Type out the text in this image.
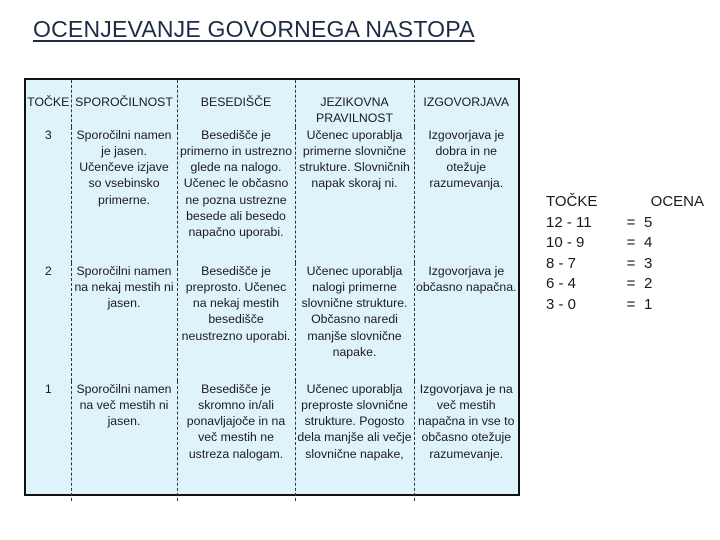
OCENJEVANJE GOVORNEGA NASTOPA
TOČKE	SPOROČILNOST	BESEDIŠČE	JEZIKOVNA PRAVILNOST	IZGOVORJAVA
3	Sporočilni namen je jasen. Učenčeve izjave so vsebinsko primerne.	Besedišče je primerno in ustrezno glede na nalogo. Učenec le občasno ne pozna ustrezne besede ali besedo napačno uporabi.	Učenec uporablja primerne slovnične strukture. Slovničnih napak skoraj ni.	Izgovorjava je dobra in ne otežuje razumevanja.
2	Sporočilni namen na nekaj mestih ni jasen.	Besedišče je preprosto. Učenec na nekaj mestih besedišče neustrezno uporabi.	Učenec uporablja nalogi primerne slovnične strukture. Občasno naredi manjše slovnične napake.	Izgovorjava je občasno napačna.
1	Sporočilni namen na več mestih ni jasen.	Besedišče je skromno in/ali ponavljajoče in na več mestih ne ustreza nalogam.	Učenec uporablja preproste slovnične strukture. Pogosto dela manjše ali večje slovnične napake,	Izgovorjava je na več mestih napačna in vse to občasno otežuje razumevanje.
TOČKE	OCENA
12 - 11	= 5
10 - 9	= 4
8 - 7	= 3
6 - 4	= 2
3 - 0	= 1
